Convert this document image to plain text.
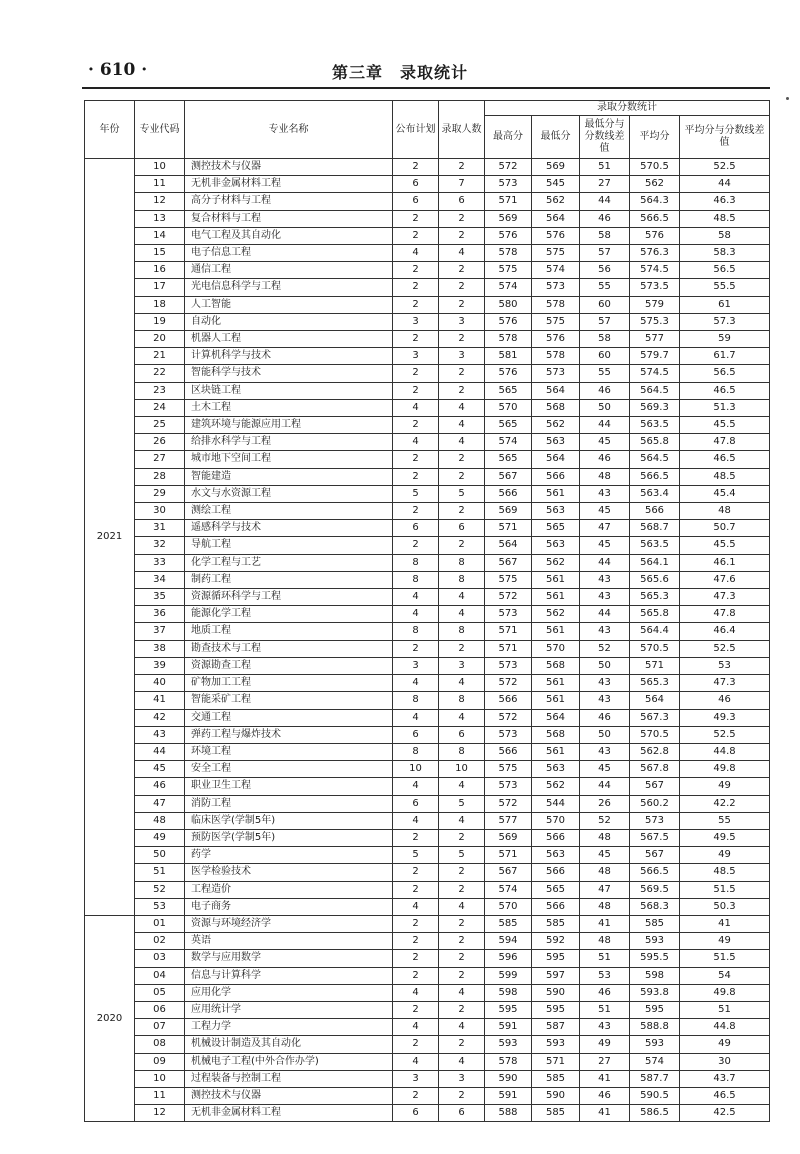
· 610 ·	第三章　录取统计
年份	专业代码	专业名称	公布计划	录取人数	录取分数统计				
					最高分	最低分	最低分与分数线差值	平均分	平均分与分数线差值
2021	10	测控技术与仪器	2	2	572	569	51	570.5	52.5
	11	无机非金属材料工程	6	7	573	545	27	562	44
	12	高分子材料与工程	6	6	571	562	44	564.3	46.3
	13	复合材料与工程	2	2	569	564	46	566.5	48.5
	14	电气工程及其自动化	2	2	576	576	58	576	58
	15	电子信息工程	4	4	578	575	57	576.3	58.3
	16	通信工程	2	2	575	574	56	574.5	56.5
	17	光电信息科学与工程	2	2	574	573	55	573.5	55.5
	18	人工智能	2	2	580	578	60	579	61
	19	自动化	3	3	576	575	57	575.3	57.3
	20	机器人工程	2	2	578	576	58	577	59
	21	计算机科学与技术	3	3	581	578	60	579.7	61.7
	22	智能科学与技术	2	2	576	573	55	574.5	56.5
	23	区块链工程	2	2	565	564	46	564.5	46.5
	24	土木工程	4	4	570	568	50	569.3	51.3
	25	建筑环境与能源应用工程	2	4	565	562	44	563.5	45.5
	26	给排水科学与工程	4	4	574	563	45	565.8	47.8
	27	城市地下空间工程	2	2	565	564	46	564.5	46.5
	28	智能建造	2	2	567	566	48	566.5	48.5
	29	水文与水资源工程	5	5	566	561	43	563.4	45.4
	30	测绘工程	2	2	569	563	45	566	48
	31	遥感科学与技术	6	6	571	565	47	568.7	50.7
	32	导航工程	2	2	564	563	45	563.5	45.5
	33	化学工程与工艺	8	8	567	562	44	564.1	46.1
	34	制药工程	8	8	575	561	43	565.6	47.6
	35	资源循环科学与工程	4	4	572	561	43	565.3	47.3
	36	能源化学工程	4	4	573	562	44	565.8	47.8
	37	地质工程	8	8	571	561	43	564.4	46.4
	38	勘查技术与工程	2	2	571	570	52	570.5	52.5
	39	资源勘查工程	3	3	573	568	50	571	53
	40	矿物加工工程	4	4	572	561	43	565.3	47.3
	41	智能采矿工程	8	8	566	561	43	564	46
	42	交通工程	4	4	572	564	46	567.3	49.3
	43	弹药工程与爆炸技术	6	6	573	568	50	570.5	52.5
	44	环境工程	8	8	566	561	43	562.8	44.8
	45	安全工程	10	10	575	563	45	567.8	49.8
	46	职业卫生工程	4	4	573	562	44	567	49
	47	消防工程	6	5	572	544	26	560.2	42.2
	48	临床医学(学制5年)	4	4	577	570	52	573	55
	49	预防医学(学制5年)	2	2	569	566	48	567.5	49.5
	50	药学	5	5	571	563	45	567	49
	51	医学检验技术	2	2	567	566	48	566.5	48.5
	52	工程造价	2	2	574	565	47	569.5	51.5
	53	电子商务	4	4	570	566	48	568.3	50.3
2020	01	资源与环境经济学	2	2	585	585	41	585	41
	02	英语	2	2	594	592	48	593	49
	03	数学与应用数学	2	2	596	595	51	595.5	51.5
	04	信息与计算科学	2	2	599	597	53	598	54
	05	应用化学	4	4	598	590	46	593.8	49.8
	06	应用统计学	2	2	595	595	51	595	51
	07	工程力学	4	4	591	587	43	588.8	44.8
	08	机械设计制造及其自动化	2	2	593	593	49	593	49
	09	机械电子工程(中外合作办学)	4	4	578	571	27	574	30
	10	过程装备与控制工程	3	3	590	585	41	587.7	43.7
	11	测控技术与仪器	2	2	591	590	46	590.5	46.5
	12	无机非金属材料工程	6	6	588	585	41	586.5	42.5
